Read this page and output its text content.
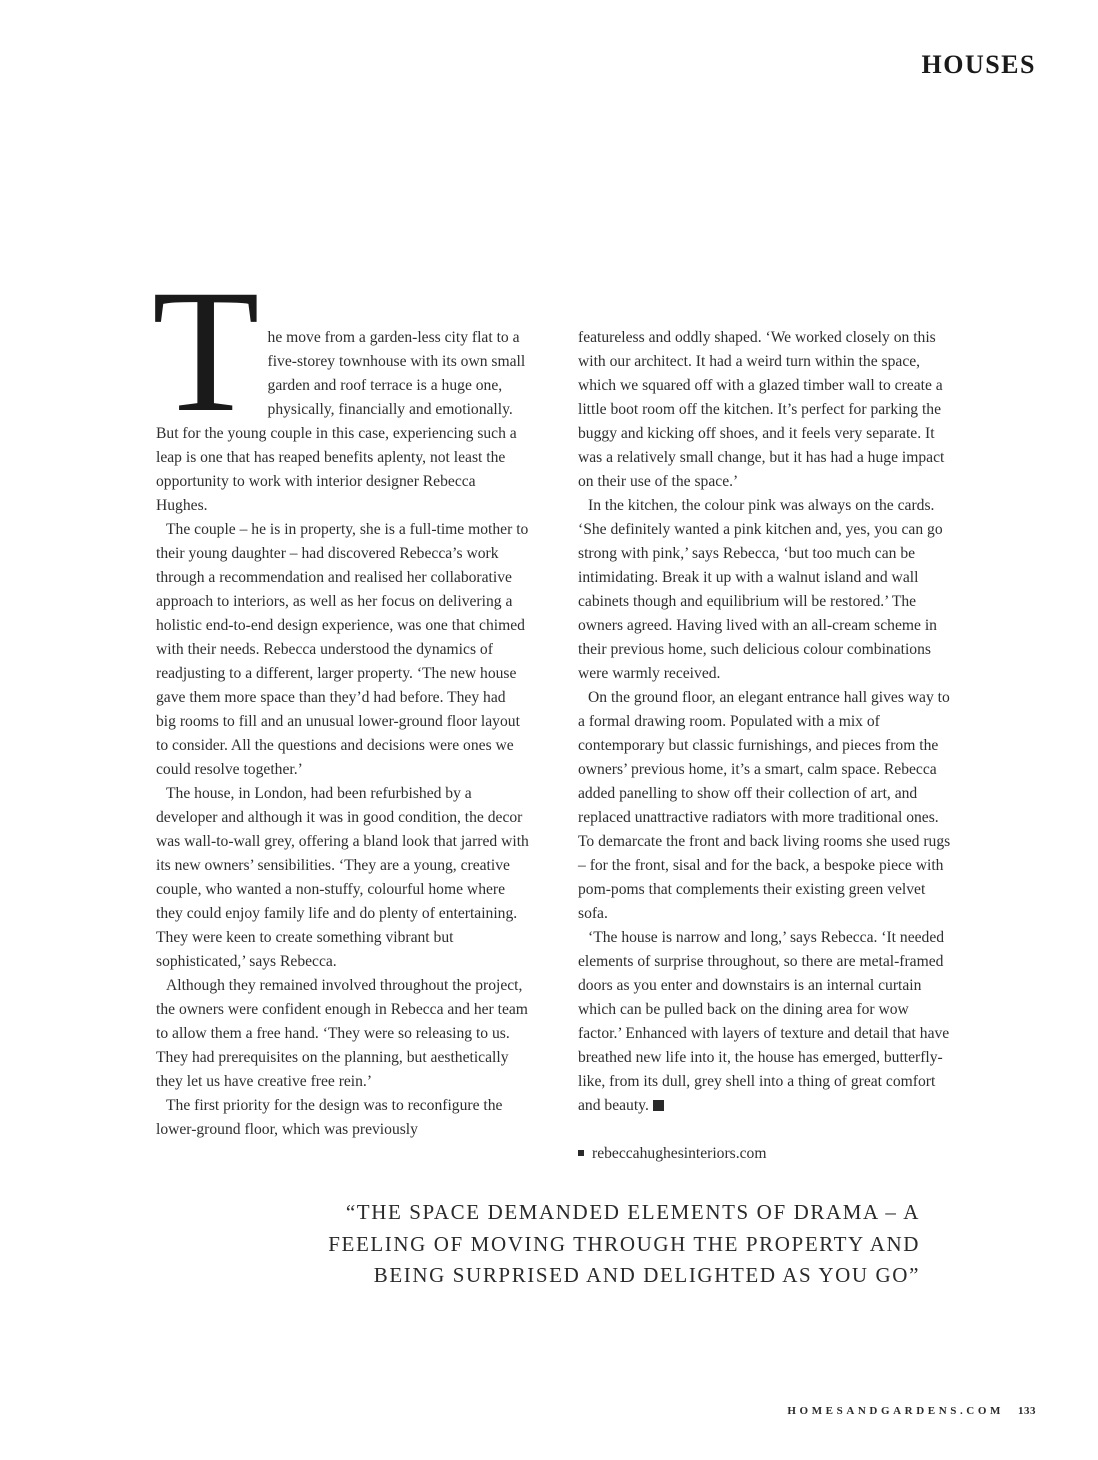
HOUSES

The move from a garden-less city flat to a five-storey townhouse with its own small garden and roof terrace is a huge one, physically, financially and emotionally. But for the young couple in this case, experiencing such a leap is one that has reaped benefits aplenty, not least the opportunity to work with interior designer Rebecca Hughes.

The couple – he is in property, she is a full-time mother to their young daughter – had discovered Rebecca’s work through a recommendation and realised her collaborative approach to interiors, as well as her focus on delivering a holistic end-to-end design experience, was one that chimed with their needs. Rebecca understood the dynamics of readjusting to a different, larger property. ‘The new house gave them more space than they’d had before. They had big rooms to fill and an unusual lower-ground floor layout to consider. All the questions and decisions were ones we could resolve together.’

The house, in London, had been refurbished by a developer and although it was in good condition, the decor was wall-to-wall grey, offering a bland look that jarred with its new owners’ sensibilities. ‘They are a young, creative couple, who wanted a non-stuffy, colourful home where they could enjoy family life and do plenty of entertaining. They were keen to create something vibrant but sophisticated,’ says Rebecca.

Although they remained involved throughout the project, the owners were confident enough in Rebecca and her team to allow them a free hand. ‘They were so releasing to us. They had prerequisites on the planning, but aesthetically they let us have creative free rein.’

The first priority for the design was to reconfigure the lower-ground floor, which was previously

featureless and oddly shaped. ‘We worked closely on this with our architect. It had a weird turn within the space, which we squared off with a glazed timber wall to create a little boot room off the kitchen. It’s perfect for parking the buggy and kicking off shoes, and it feels very separate. It was a relatively small change, but it has had a huge impact on their use of the space.’

In the kitchen, the colour pink was always on the cards. ‘She definitely wanted a pink kitchen and, yes, you can go strong with pink,’ says Rebecca, ‘but too much can be intimidating. Break it up with a walnut island and wall cabinets though and equilibrium will be restored.’ The owners agreed. Having lived with an all-cream scheme in their previous home, such delicious colour combinations were warmly received.

On the ground floor, an elegant entrance hall gives way to a formal drawing room. Populated with a mix of contemporary but classic furnishings, and pieces from the owners’ previous home, it’s a smart, calm space. Rebecca added panelling to show off their collection of art, and replaced unattractive radiators with more traditional ones. To demarcate the front and back living rooms she used rugs – for the front, sisal and for the back, a bespoke piece with pom-poms that complements their existing green velvet sofa.

‘The house is narrow and long,’ says Rebecca. ‘It needed elements of surprise throughout, so there are metal-framed doors as you enter and downstairs is an internal curtain which can be pulled back on the dining area for wow factor.’ Enhanced with layers of texture and detail that have breathed new life into it, the house has emerged, butterfly-like, from its dull, grey shell into a thing of great comfort and beauty.

rebeccahughesinteriors.com

“THE SPACE DEMANDED ELEMENTS OF DRAMA – A FEELING OF MOVING THROUGH THE PROPERTY AND BEING SURPRISED AND DELIGHTED AS YOU GO”

HOMESANDGARDENS.COM 133
